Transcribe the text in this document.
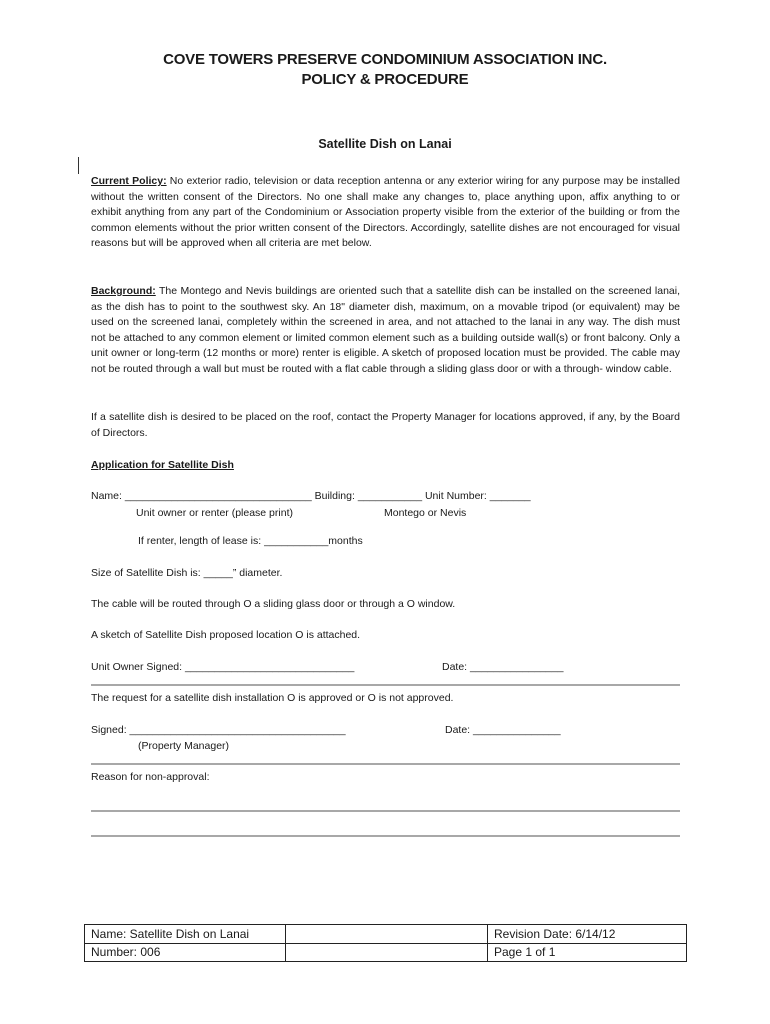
COVE TOWERS PRESERVE CONDOMINIUM ASSOCIATION INC.
POLICY & PROCEDURE
Satellite Dish on Lanai
Current Policy: No exterior radio, television or data reception antenna or any exterior wiring for any purpose may be installed without the written consent of the Directors. No one shall make any changes to, place anything upon, affix anything to or exhibit anything from any part of the Condominium or Association property visible from the exterior of the building or from the common elements without the prior written consent of the Directors. Accordingly, satellite dishes are not encouraged for visual reasons but will be approved when all criteria are met below.
Background: The Montego and Nevis buildings are oriented such that a satellite dish can be installed on the screened lanai, as the dish has to point to the southwest sky. An 18" diameter dish, maximum, on a movable tripod (or equivalent) may be used on the screened lanai, completely within the screened in area, and not attached to the lanai in any way. The dish must not be attached to any common element or limited common element such as a building outside wall(s) or front balcony. Only a unit owner or long-term (12 months or more) renter is eligible. A sketch of proposed location must be provided. The cable may not be routed through a wall but must be routed with a flat cable through a sliding glass door or with a through- window cable.
If a satellite dish is desired to be placed on the roof, contact the Property Manager for locations approved, if any, by the Board of Directors.
Application for Satellite Dish
Name: ________________________________ Building: ___________ Unit Number: _______
Unit owner or renter (please print)	Montego or Nevis
If renter, length of lease is: ___________months
Size of Satellite Dish is: _____” diameter.
The cable will be routed through O a sliding glass door or through a O window.
A sketch of Satellite Dish proposed location O is attached.
Unit Owner Signed: _____________________________	Date: ________________
The request for a satellite dish installation O is approved or O is not approved.
Signed: _____________________________________	Date: _______________
(Property Manager)
Reason for non-approval:
Name: Satellite Dish on Lanai	Revision Date: 6/14/12
Number: 006	Page 1 of 1
